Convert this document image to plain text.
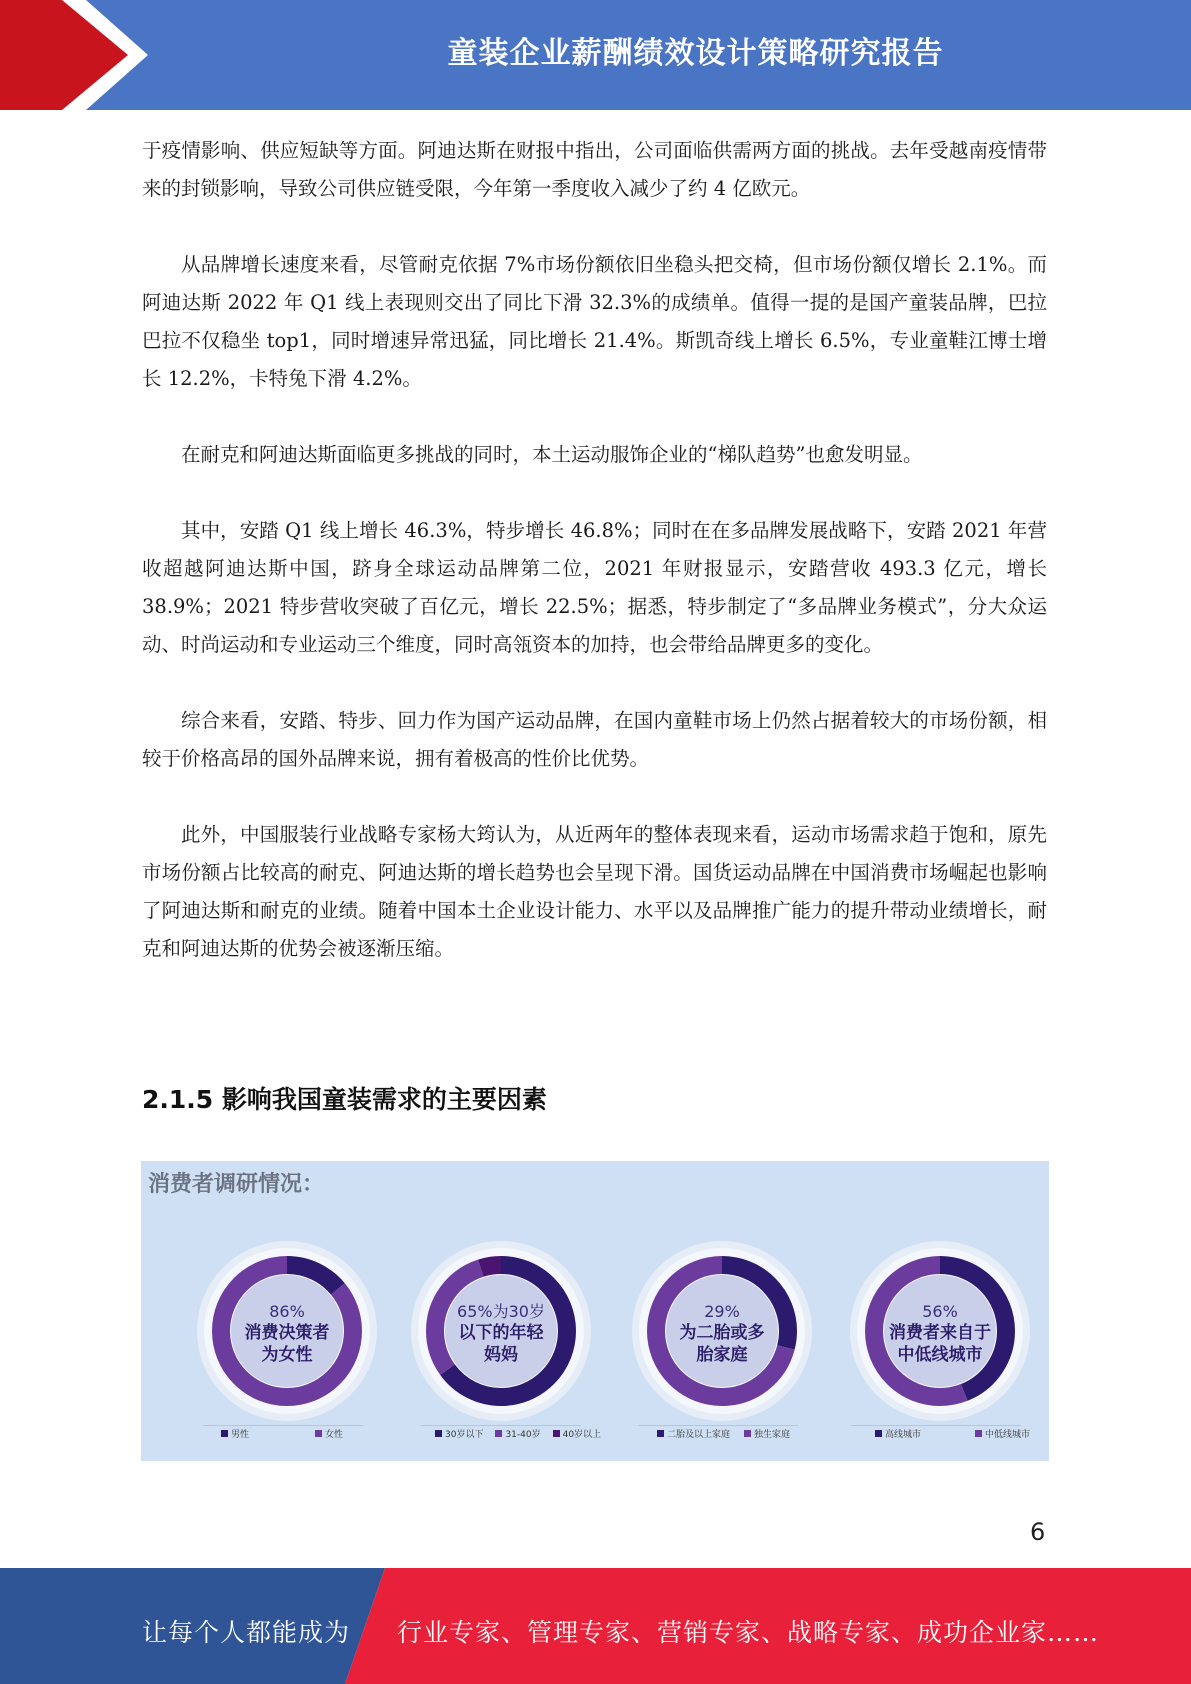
童装企业薪酬绩效设计策略研究报告

于疫情影响、供应短缺等方面。阿迪达斯在财报中指出，公司面临供需两方面的挑战。去年受越南疫情带来的封锁影响，导致公司供应链受限，今年第一季度收入减少了约 4 亿欧元。

从品牌增长速度来看，尽管耐克依据 7%市场份额依旧坐稳头把交椅，但市场份额仅增长 2.1%。而阿迪达斯 2022 年 Q1 线上表现则交出了同比下滑 32.3%的成绩单。值得一提的是国产童装品牌，巴拉巴拉不仅稳坐 top1，同时增速异常迅猛，同比增长 21.4%。斯凯奇线上增长 6.5%，专业童鞋江博士增长 12.2%，卡特兔下滑 4.2%。

在耐克和阿迪达斯面临更多挑战的同时，本土运动服饰企业的“梯队趋势”也愈发明显。

其中，安踏 Q1 线上增长 46.3%，特步增长 46.8%；同时在在多品牌发展战略下，安踏 2021 年营收超越阿迪达斯中国，跻身全球运动品牌第二位，2021 年财报显示，安踏营收 493.3 亿元，增长 38.9%；2021 特步营收突破了百亿元，增长 22.5%；据悉，特步制定了“多品牌业务模式”，分大众运动、时尚运动和专业运动三个维度，同时高瓴资本的加持，也会带给品牌更多的变化。

综合来看，安踏、特步、回力作为国产运动品牌，在国内童鞋市场上仍然占据着较大的市场份额，相较于价格高昂的国外品牌来说，拥有着极高的性价比优势。

此外，中国服装行业战略专家杨大筠认为，从近两年的整体表现来看，运动市场需求趋于饱和，原先市场份额占比较高的耐克、阿迪达斯的增长趋势也会呈现下滑。国货运动品牌在中国消费市场崛起也影响了阿迪达斯和耐克的业绩。随着中国本土企业设计能力、水平以及品牌推广能力的提升带动业绩增长，耐克和阿迪达斯的优势会被逐渐压缩。

2.1.5 影响我国童装需求的主要因素
消费者调研情况：
86%
消费决策者
为女性
65%为30岁
以下的年轻
妈妈
29%
为二胎或多
胎家庭
56%
消费者来自于
中低线城市
男性	女性	30岁以下 31-40岁 40岁以上	二胎及以上家庭	独生家庭	高线城市	中低线城市
6
让每个人都能成为 行业专家、管理专家、营销专家、战略专家、成功企业家……
